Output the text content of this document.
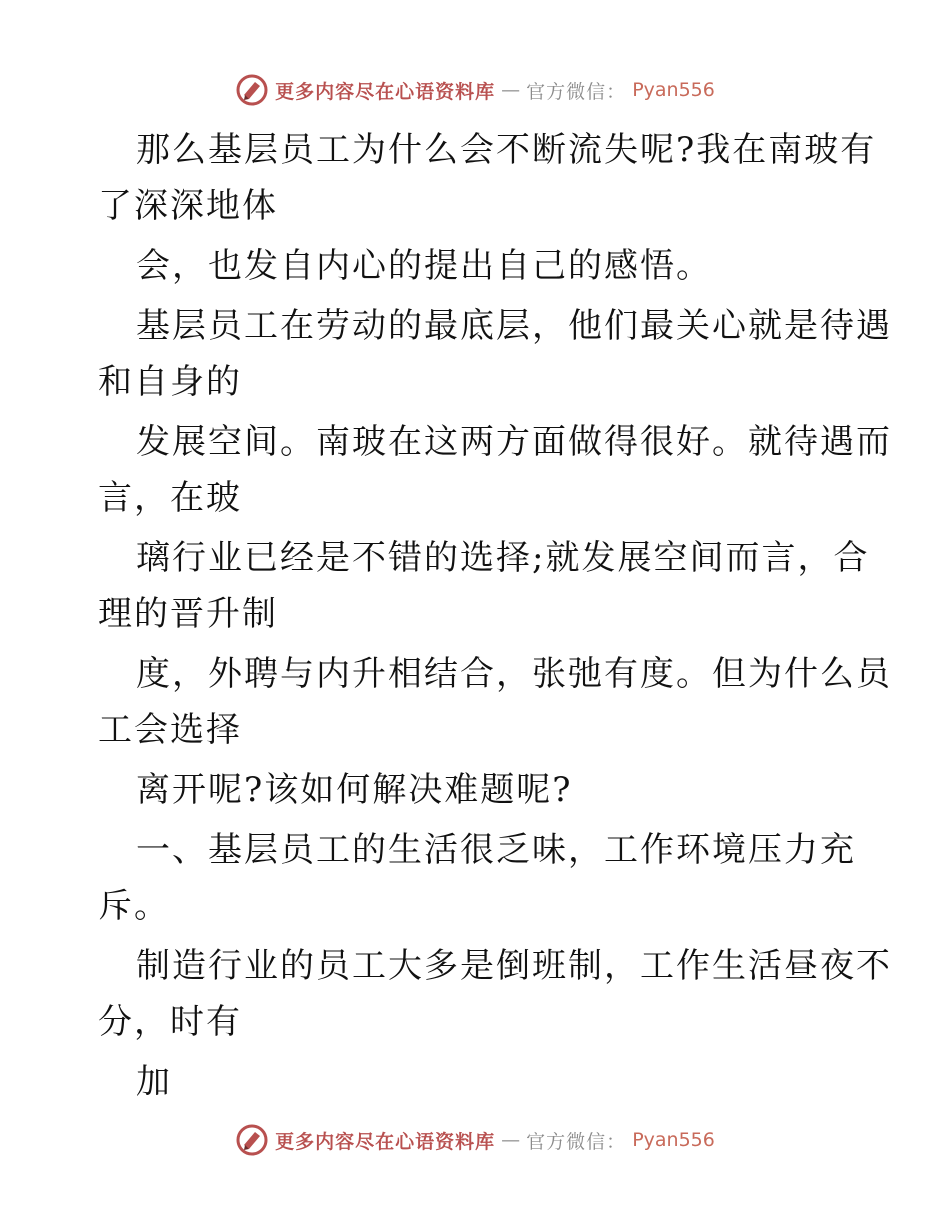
更多内容尽在心语资料库 — 官方微信： Pyan556
那么基层员工为什么会不断流失呢?我在南玻有
了深深地体
会，也发自内心的提出自己的感悟。
基层员工在劳动的最底层，他们最关心就是待遇
和自身的
发展空间。南玻在这两方面做得很好。就待遇而
言，在玻
璃行业已经是不错的选择;就发展空间而言，合
理的晋升制
度，外聘与内升相结合，张弛有度。但为什么员
工会选择
离开呢?该如何解决难题呢?
一、基层员工的生活很乏味，工作环境压力充
斥。
制造行业的员工大多是倒班制，工作生活昼夜不
分，时有
加
更多内容尽在心语资料库 — 官方微信： Pyan556
